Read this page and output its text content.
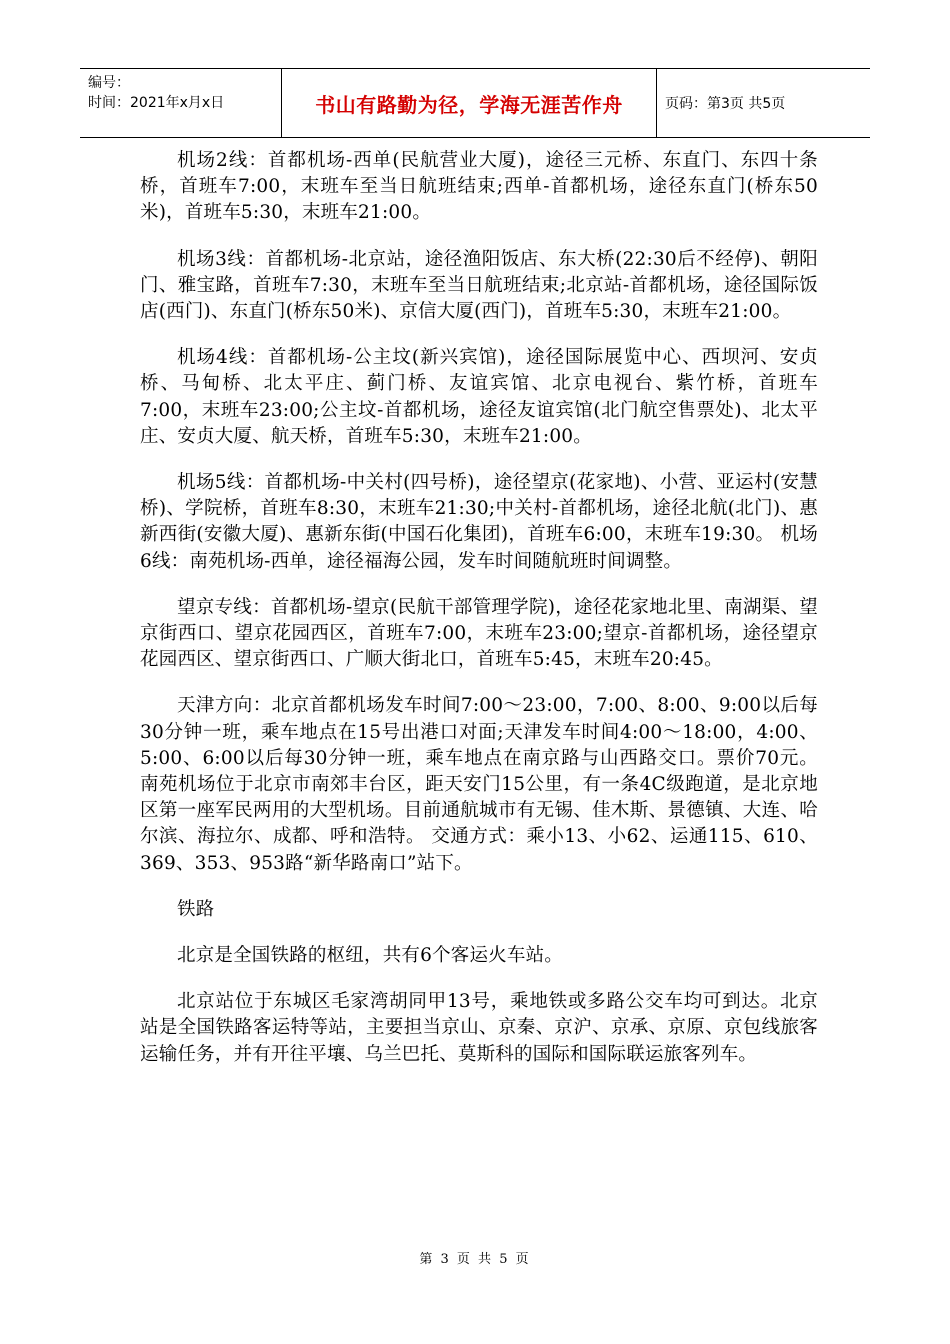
编号：
时间：2021年x月x日	书山有路勤为径，学海无涯苦作舟	页码：第3页 共5页

机场2线：首都机场-西单(民航营业大厦)，途径三元桥、东直门、东四十条桥，首班车7:00，末班车至当日航班结束;西单-首都机场，途径东直门(桥东50米)，首班车5:30，末班车21:00。

机场3线：首都机场-北京站，途径渔阳饭店、东大桥(22:30后不经停)、朝阳门、雅宝路，首班车7:30，末班车至当日航班结束;北京站-首都机场，途径国际饭店(西门)、东直门(桥东50米)、京信大厦(西门)，首班车5:30，末班车21:00。

机场4线：首都机场-公主坟(新兴宾馆)，途径国际展览中心、西坝河、安贞桥、马甸桥、北太平庄、蓟门桥、友谊宾馆、北京电视台、紫竹桥，首班车7:00，末班车23:00;公主坟-首都机场，途径友谊宾馆(北门航空售票处)、北太平庄、安贞大厦、航天桥，首班车5:30，末班车21:00。

机场5线：首都机场-中关村(四号桥)，途径望京(花家地)、小营、亚运村(安慧桥)、学院桥，首班车8:30，末班车21:30;中关村-首都机场，途径北航(北门)、惠新西街(安徽大厦)、惠新东街(中国石化集团)，首班车6:00，末班车19:30。 机场6线：南苑机场-西单，途径福海公园，发车时间随航班时间调整。

望京专线：首都机场-望京(民航干部管理学院)，途径花家地北里、南湖渠、望京街西口、望京花园西区，首班车7:00，末班车23:00;望京-首都机场，途径望京花园西区、望京街西口、广顺大街北口，首班车5:45，末班车20:45。

天津方向：北京首都机场发车时间7:00～23:00，7:00、8:00、9:00以后每30分钟一班，乘车地点在15号出港口对面;天津发车时间4:00～18:00，4:00、5:00、6:00以后每30分钟一班，乘车地点在南京路与山西路交口。票价70元。 南苑机场位于北京市南郊丰台区，距天安门15公里，有一条4C级跑道，是北京地区第一座军民两用的大型机场。目前通航城市有无锡、佳木斯、景德镇、大连、哈尔滨、海拉尔、成都、呼和浩特。 交通方式：乘小13、小62、运通115、610、369、353、953路“新华路南口”站下。

铁路

北京是全国铁路的枢纽，共有6个客运火车站。

北京站位于东城区毛家湾胡同甲13号，乘地铁或多路公交车均可到达。北京站是全国铁路客运特等站，主要担当京山、京秦、京沪、京承、京原、京包线旅客运输任务，并有开往平壤、乌兰巴托、莫斯科的国际和国际联运旅客列车。

第 3 页 共 5 页
